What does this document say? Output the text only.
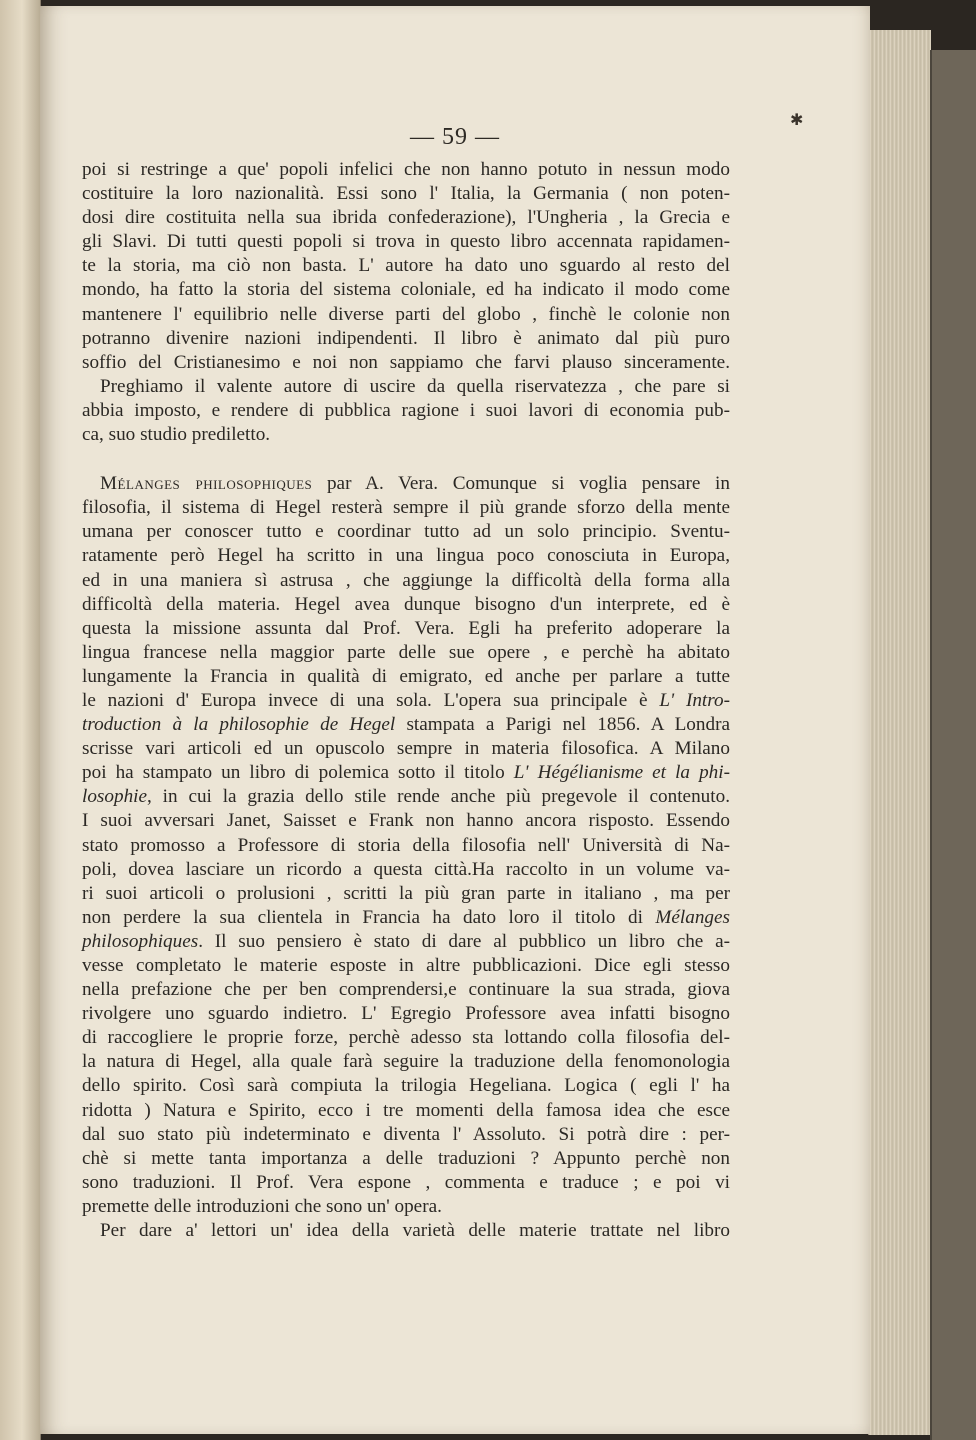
✱
— 59 —
poi si restringe a que' popoli infelici che non hanno potuto in nessun modo
costituire la loro nazionalità. Essi sono l' Italia, la Germania ( non poten-
dosi dire costituita nella sua ibrida confederazione), l'Ungheria , la Grecia e
gli Slavi. Di tutti questi popoli si trova in questo libro accennata rapidamen-
te la storia, ma ciò non basta. L' autore ha dato uno sguardo al resto del
mondo, ha fatto la storia del sistema coloniale, ed ha indicato il modo come
mantenere l' equilibrio nelle diverse parti del globo , finchè le colonie non
potranno divenire nazioni indipendenti. Il libro è animato dal più puro
soffio del Cristianesimo e noi non sappiamo che farvi plauso sinceramente.
Preghiamo il valente autore di uscire da quella riservatezza , che pare si
abbia imposto, e rendere di pubblica ragione i suoi lavori di economia pub-
ca, suo studio prediletto.
Mélanges philosophiques par A. Vera. Comunque si voglia pensare in
filosofia, il sistema di Hegel resterà sempre il più grande sforzo della mente
umana per conoscer tutto e coordinar tutto ad un solo principio. Sventu-
ratamente però Hegel ha scritto in una lingua poco conosciuta in Europa,
ed in una maniera sì astrusa , che aggiunge la difficoltà della forma alla
difficoltà della materia. Hegel avea dunque bisogno d'un interprete, ed è
questa la missione assunta dal Prof. Vera. Egli ha preferito adoperare la
lingua francese nella maggior parte delle sue opere , e perchè ha abitato
lungamente la Francia in qualità di emigrato, ed anche per parlare a tutte
le nazioni d' Europa invece di una sola. L'opera sua principale è L' Intro-
troduction à la philosophie de Hegel stampata a Parigi nel 1856. A Londra
scrisse vari articoli ed un opuscolo sempre in materia filosofica. A Milano
poi ha stampato un libro di polemica sotto il titolo L' Hégélianisme et la phi-
losophie, in cui la grazia dello stile rende anche più pregevole il contenuto.
I suoi avversari Janet, Saisset e Frank non hanno ancora risposto. Essendo
stato promosso a Professore di storia della filosofia nell' Università di Na-
poli, dovea lasciare un ricordo a questa città.Ha raccolto in un volume va-
ri suoi articoli o prolusioni , scritti la più gran parte in italiano , ma per
non perdere la sua clientela in Francia ha dato loro il titolo di Mélanges
philosophiques. Il suo pensiero è stato di dare al pubblico un libro che a-
vesse completato le materie esposte in altre pubblicazioni. Dice egli stesso
nella prefazione che per ben comprendersi,e continuare la sua strada, giova
rivolgere uno sguardo indietro. L' Egregio Professore avea infatti bisogno
di raccogliere le proprie forze, perchè adesso sta lottando colla filosofia del-
la natura di Hegel, alla quale farà seguire la traduzione della fenomonologia
dello spirito. Così sarà compiuta la trilogia Hegeliana. Logica ( egli l' ha
ridotta ) Natura e Spirito, ecco i tre momenti della famosa idea che esce
dal suo stato più indeterminato e diventa l' Assoluto. Si potrà dire : per-
chè si mette tanta importanza a delle traduzioni ? Appunto perchè non
sono traduzioni. Il Prof. Vera espone , commenta e traduce ; e poi vi
premette delle introduzioni che sono un' opera.
Per dare a' lettori un' idea della varietà delle materie trattate nel libro
